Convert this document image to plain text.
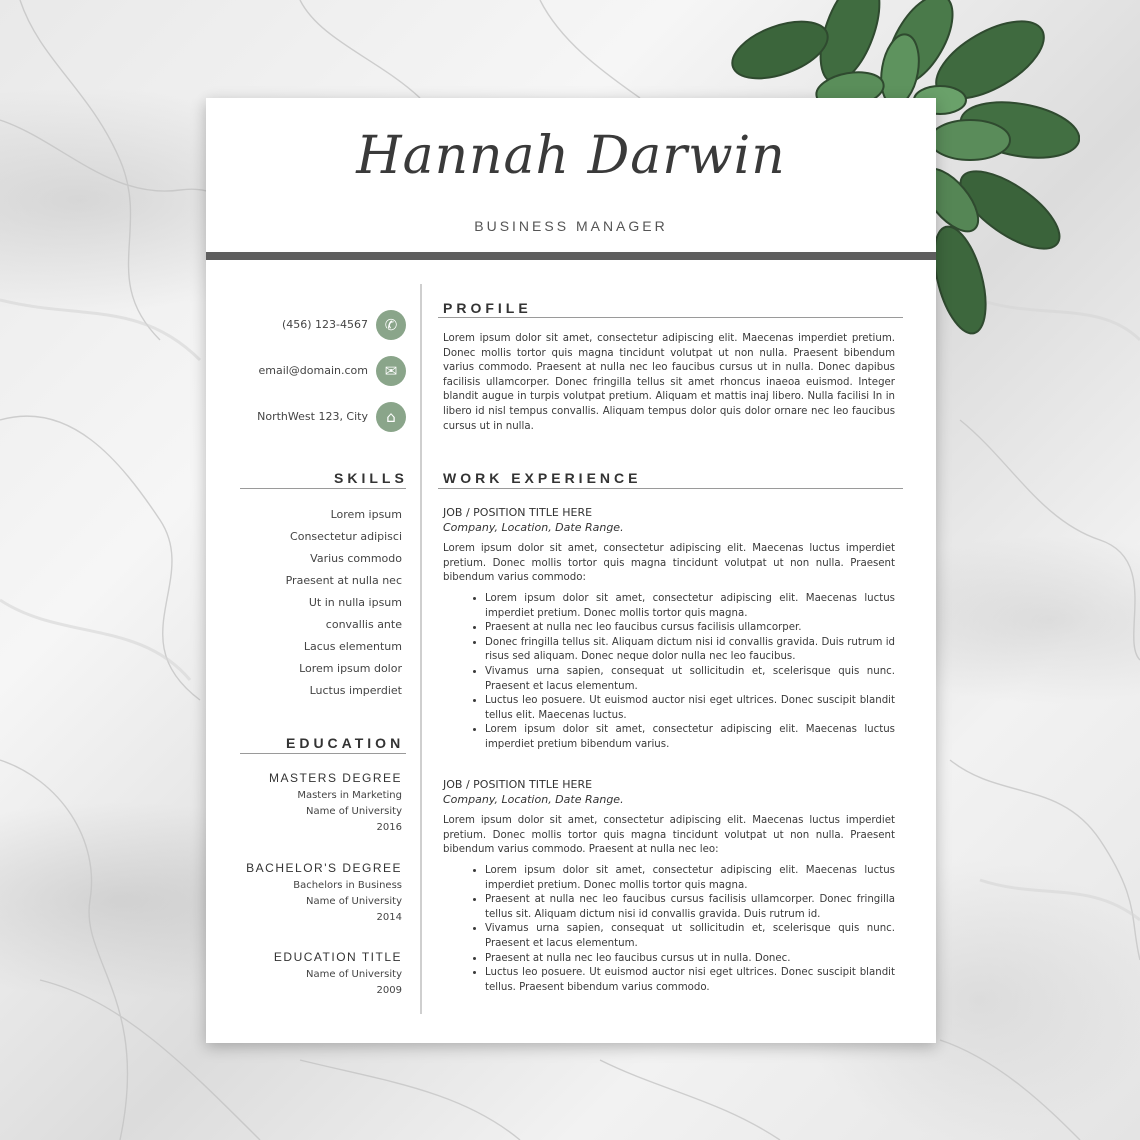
Hannah Darwin
BUSINESS MANAGER
(456) 123-4567	✆
email@domain.com	✉
NorthWest 123, City	⌂
SKILLS
Lorem ipsum
Consectetur adipisci
Varius commodo
Praesent at nulla nec
Ut in nulla ipsum
convallis ante
Lacus elementum
Lorem ipsum dolor
Luctus imperdiet
EDUCATION
MASTERS DEGREE
Masters in Marketing
Name of University
2016
BACHELOR'S DEGREE
Bachelors in Business
Name of University
2014
EDUCATION TITLE
Name of University
2009
PROFILE
Lorem ipsum dolor sit amet, consectetur adipiscing elit. Maecenas imperdiet pretium. Donec mollis tortor quis magna tincidunt volutpat ut non nulla. Praesent bibendum varius commodo. Praesent at nulla nec leo faucibus cursus ut in nulla. Donec dapibus facilisis ullamcorper. Donec fringilla tellus sit amet rhoncus inaeoa euismod. Integer blandit augue in turpis volutpat pretium. Aliquam et mattis inaj libero. Nulla facilisi In in libero id nisl tempus convallis. Aliquam tempus dolor quis dolor ornare nec leo faucibus cursus ut in nulla.
WORK EXPERIENCE
JOB / POSITION TITLE HERE
Company, Location, Date Range.
Lorem ipsum dolor sit amet, consectetur adipiscing elit. Maecenas luctus imperdiet pretium. Donec mollis tortor quis magna tincidunt volutpat ut non nulla. Praesent bibendum varius commodo:
• Lorem ipsum dolor sit amet, consectetur adipiscing elit. Maecenas luctus imperdiet pretium. Donec mollis tortor quis magna.
• Praesent at nulla nec leo faucibus cursus facilisis ullamcorper.
• Donec fringilla tellus sit. Aliquam dictum nisi id convallis gravida. Duis rutrum id risus sed aliquam. Donec neque dolor nulla nec leo faucibus.
• Vivamus urna sapien, consequat ut sollicitudin et, scelerisque quis nunc. Praesent et lacus elementum.
• Luctus leo posuere. Ut euismod auctor nisi eget ultrices. Donec suscipit blandit tellus elit. Maecenas luctus.
• Lorem ipsum dolor sit amet, consectetur adipiscing elit. Maecenas luctus imperdiet pretium bibendum varius.
JOB / POSITION TITLE HERE
Company, Location, Date Range.
Lorem ipsum dolor sit amet, consectetur adipiscing elit. Maecenas luctus imperdiet pretium. Donec mollis tortor quis magna tincidunt volutpat ut non nulla. Praesent bibendum varius commodo. Praesent at nulla nec leo:
• Lorem ipsum dolor sit amet, consectetur adipiscing elit. Maecenas luctus imperdiet pretium. Donec mollis tortor quis magna.
• Praesent at nulla nec leo faucibus cursus facilisis ullamcorper. Donec fringilla tellus sit. Aliquam dictum nisi id convallis gravida. Duis rutrum id.
• Vivamus urna sapien, consequat ut sollicitudin et, scelerisque quis nunc. Praesent et lacus elementum.
• Praesent at nulla nec leo faucibus cursus ut in nulla. Donec.
• Luctus leo posuere. Ut euismod auctor nisi eget ultrices. Donec suscipit blandit tellus. Praesent bibendum varius commodo.
